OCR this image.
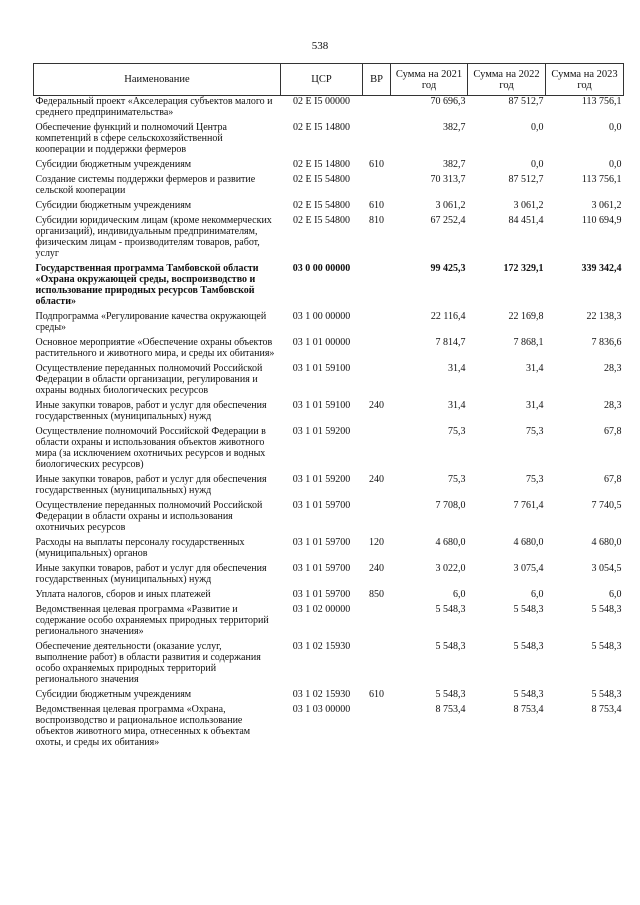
538
Наименование	ЦСР	ВР	Сумма на 2021 год	Сумма на 2022 год	Сумма на 2023 год
Федеральный проект «Акселерация субъектов малого и среднего предпринимательства»	02 E I5 00000		70 696,3	87 512,7	113 756,1
Обеспечение функций и полномочий Центра компетенций в сфере сельскохозяйственной кооперации и поддержки фермеров	02 E I5 14800		382,7	0,0	0,0
Субсидии бюджетным учреждениям	02 E I5 14800	610	382,7	0,0	0,0
Создание системы поддержки фермеров и развитие сельской кооперации	02 E I5 54800		70 313,7	87 512,7	113 756,1
Субсидии бюджетным учреждениям	02 E I5 54800	610	3 061,2	3 061,2	3 061,2
Субсидии юридическим лицам (кроме некоммерческих организаций), индивидуальным предпринимателям, физическим лицам - производителям товаров, работ, услуг	02 E I5 54800	810	67 252,4	84 451,4	110 694,9
Государственная программа Тамбовской области «Охрана окружающей среды, воспроизводство и использование природных ресурсов Тамбовской области»	03 0 00 00000		99 425,3	172 329,1	339 342,4
Подпрограмма «Регулирование качества окружающей среды»	03 1 00 00000		22 116,4	22 169,8	22 138,3
Основное мероприятие «Обеспечение охраны объектов растительного и животного мира, и среды их обитания»	03 1 01 00000		7 814,7	7 868,1	7 836,6
Осуществление переданных полномочий Российской Федерации в области организации, регулирования и охраны водных биологических ресурсов	03 1 01 59100		31,4	31,4	28,3
Иные закупки товаров, работ и услуг для обеспечения государственных (муниципальных) нужд	03 1 01 59100	240	31,4	31,4	28,3
Осуществление полномочий Российской Федерации в области охраны и использования объектов животного мира (за исключением охотничьих ресурсов и водных биологических ресурсов)	03 1 01 59200		75,3	75,3	67,8
Иные закупки товаров, работ и услуг для обеспечения государственных (муниципальных) нужд	03 1 01 59200	240	75,3	75,3	67,8
Осуществление переданных полномочий Российской Федерации в области охраны и использования охотничьих ресурсов	03 1 01 59700		7 708,0	7 761,4	7 740,5
Расходы на выплаты персоналу государственных (муниципальных) органов	03 1 01 59700	120	4 680,0	4 680,0	4 680,0
Иные закупки товаров, работ и услуг для обеспечения государственных (муниципальных) нужд	03 1 01 59700	240	3 022,0	3 075,4	3 054,5
Уплата налогов, сборов и иных платежей	03 1 01 59700	850	6,0	6,0	6,0
Ведомственная целевая программа «Развитие и содержание особо охраняемых природных территорий регионального значения»	03 1 02 00000		5 548,3	5 548,3	5 548,3
Обеспечение деятельности (оказание услуг, выполнение работ) в области развития и содержания особо охраняемых природных территорий регионального значения	03 1 02 15930		5 548,3	5 548,3	5 548,3
Субсидии бюджетным учреждениям	03 1 02 15930	610	5 548,3	5 548,3	5 548,3
Ведомственная целевая программа «Охрана, воспроизводство и рациональное использование объектов животного мира, отнесенных к объектам охоты, и среды их обитания»	03 1 03 00000		8 753,4	8 753,4	8 753,4
